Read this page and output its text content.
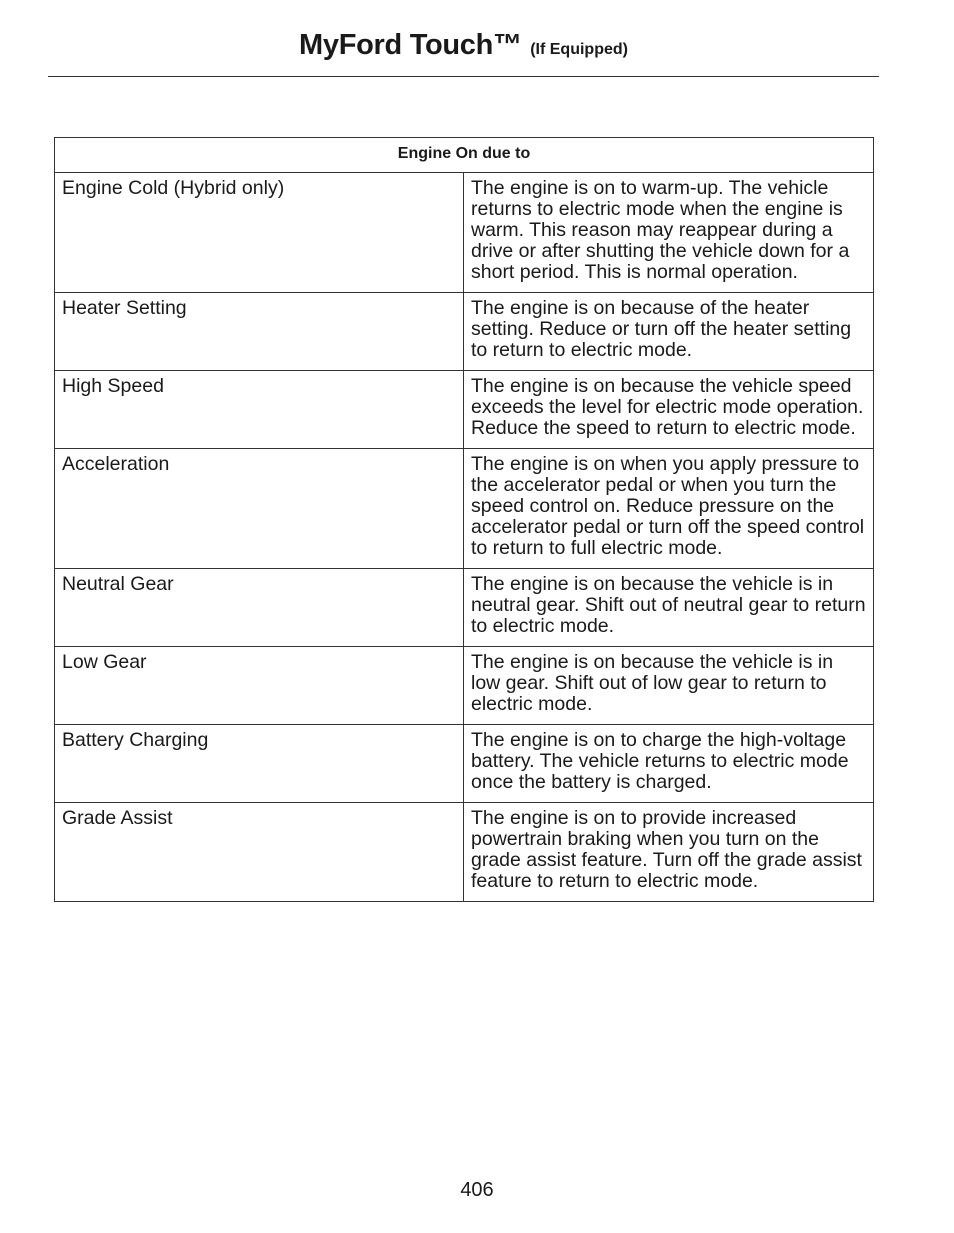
MyFord Touch™ (If Equipped)
Engine On due to	
Engine Cold (Hybrid only)	The engine is on to warm-up. The vehicle returns to electric mode when the engine is warm. This reason may reappear during a drive or after shutting the vehicle down for a short period. This is normal operation.
Heater Setting	The engine is on because of the heater setting. Reduce or turn off the heater setting to return to electric mode.
High Speed	The engine is on because the vehicle speed exceeds the level for electric mode operation. Reduce the speed to return to electric mode.
Acceleration	The engine is on when you apply pressure to the accelerator pedal or when you turn the speed control on. Reduce pressure on the accelerator pedal or turn off the speed control to return to full electric mode.
Neutral Gear	The engine is on because the vehicle is in neutral gear. Shift out of neutral gear to return to electric mode.
Low Gear	The engine is on because the vehicle is in low gear. Shift out of low gear to return to electric mode.
Battery Charging	The engine is on to charge the high-voltage battery. The vehicle returns to electric mode once the battery is charged.
Grade Assist	The engine is on to provide increased powertrain braking when you turn on the grade assist feature. Turn off the grade assist feature to return to electric mode.
406
